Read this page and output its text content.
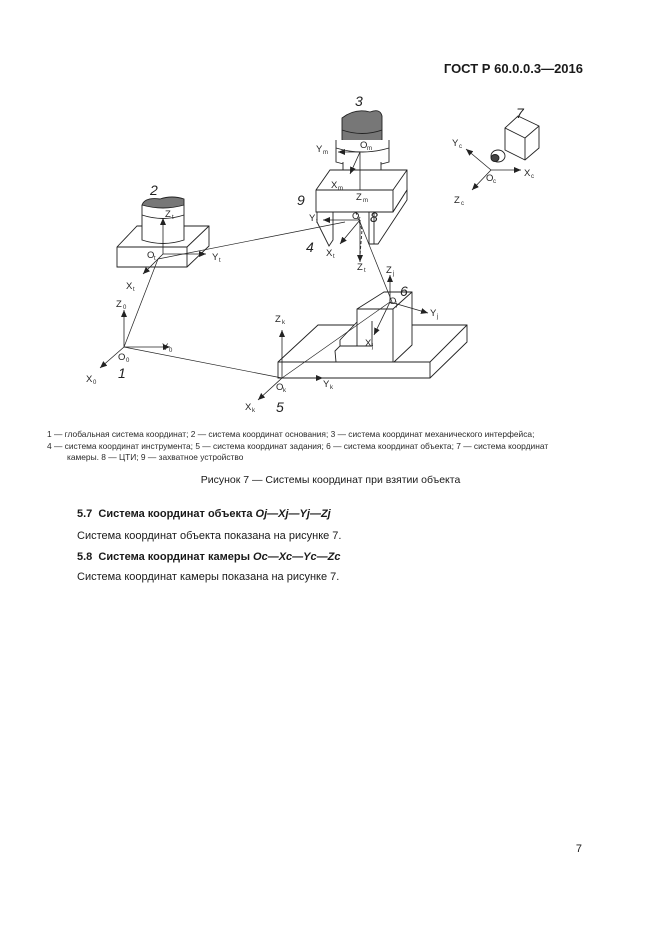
ГОСТ Р 60.0.0.3—2016
1
2
3
4
5
6
7
8
9
O 0
X 0
Y 0
Z 0
O t
X t
Y t
Z t
O m
X m
Y m
Z m
O t
X t
Y t
Z t
O c
X c
Y c
Z c
O k
X k
Y k
Z k
O j
X j
Y j
Z j
1 — глобальная система координат; 2 — система координат основания; 3 — система координат механического интерфейса;
4 — система координат инструмента; 5 — система координат задания; 6 — система координат объекта; 7 — система координат
камеры. 8 — ЦТИ; 9 — захватное устройство
Рисунок 7 — Системы координат при взятии объекта
5.7 Система координат объекта Oj—Xj—Yj—Zj
Система координат объекта показана на рисунке 7.
5.8 Система координат камеры Oc—Xc—Yc—Zc
Система координат камеры показана на рисунке 7.
7
